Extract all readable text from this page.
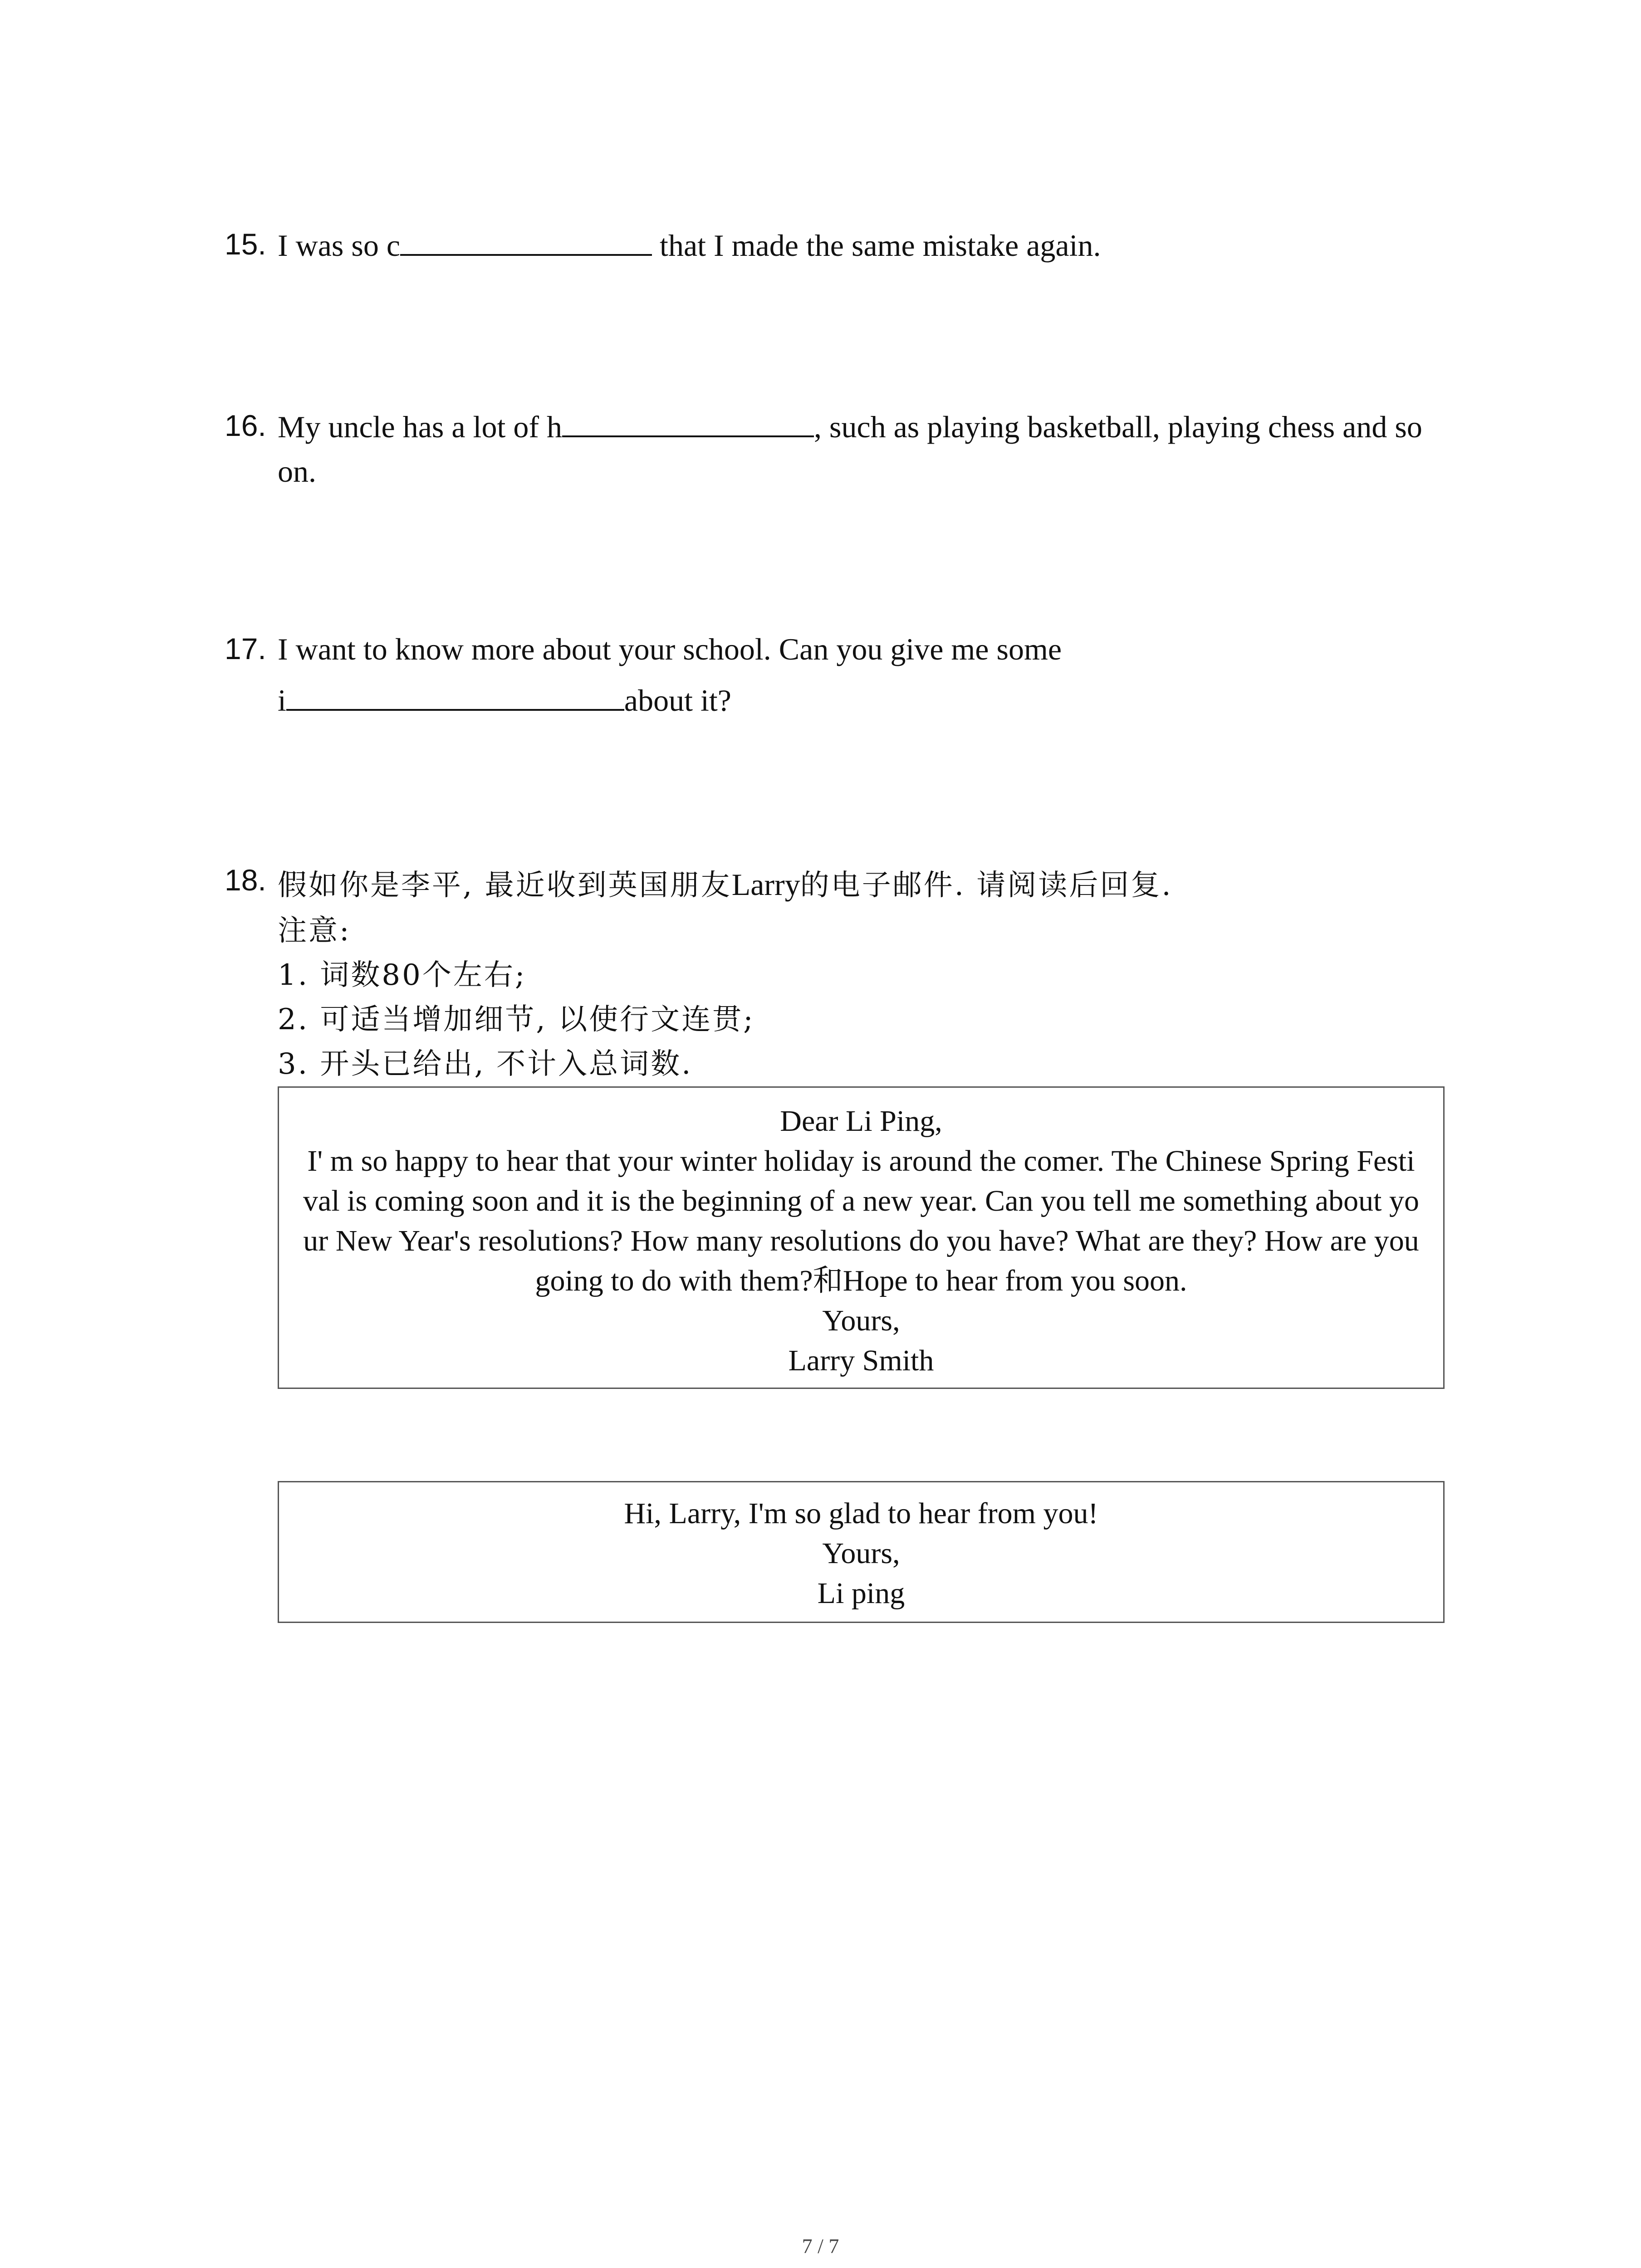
15. I was so c	that I made the same mistake again.
16. My uncle has a lot of h	, such as playing basketball, playing chess and so
on.
17. I want to know more about your school. Can you give me some
i	about it?
18. 假如你是李平, 最近收到英国朋友Larry的电子邮件. 请阅读后回复.
注意:
1. 词数80个左右;
2. 可适当增加细节, 以使行文连贯;
3. 开头已给出, 不计入总词数.

Dear Li Ping,

I' m so happy to hear that your winter holiday is around the comer. The Chinese Spring Festi

val is coming soon and it is the beginning of a new year. Can you tell me something about yo

ur New Year's resolutions? How many resolutions do you have? What are they? How are you

going to do with them?和Hope to hear from you soon.

Yours,

Larry Smith

Hi, Larry, I'm so glad to hear from you!

Yours,

Li ping

7 / 7
